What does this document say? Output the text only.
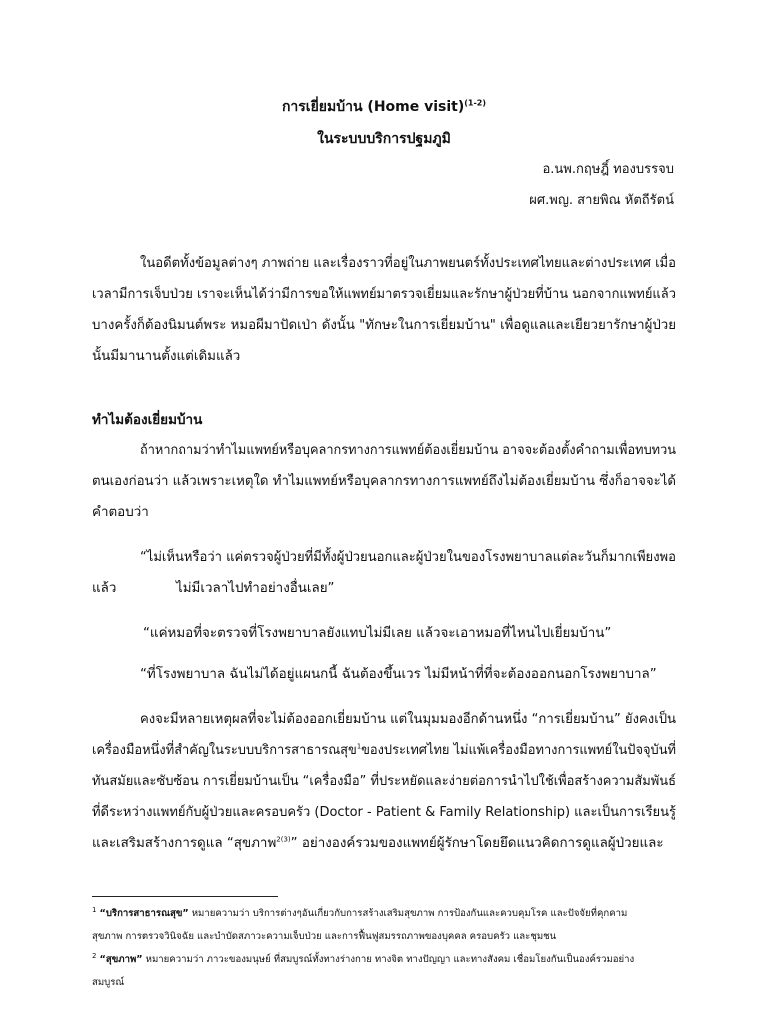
การเยี่ยมบ้าน (Home visit)$^{(1-2)}$
ในระบบบริการปฐมภูมิ
อ.นพ.กฤษฎิ์ ทองบรรจบ
ผศ.พญ. สายพิณ หัตถีรัตน์
ในอดีตทั้งข้อมูลต่างๆ ภาพถ่าย และเรื่องราวที่อยู่ในภาพยนตร์ทั้งประเทศไทยและต่างประเทศ เมื่อ
เวลามีการเจ็บป่วย เราจะเห็นได้ว่ามีการขอให้แพทย์มาตรวจเยี่ยมและรักษาผู้ป่วยที่บ้าน นอกจากแพทย์แล้ว
บางครั้งก็ต้องนิมนต์พระ หมอผีมาปัดเป่า ดังนั้น "ทักษะในการเยี่ยมบ้าน" เพื่อดูแลและเยียวยารักษาผู้ป่วย
นั้นมีมานานตั้งแต่เดิมแล้ว
ทำไมต้องเยี่ยมบ้าน
ถ้าหากถามว่าทำไมแพทย์หรือบุคลากรทางการแพทย์ต้องเยี่ยมบ้าน อาจจะต้องตั้งคำถามเพื่อทบทวน
ตนเองก่อนว่า แล้วเพราะเหตุใด ทำไมแพทย์หรือบุคลากรทางการแพทย์ถึงไม่ต้องเยี่ยมบ้าน ซึ่งก็อาจจะได้
คำตอบว่า
“ไม่เห็นหรือว่า แค่ตรวจผู้ป่วยที่มีทั้งผู้ป่วยนอกและผู้ป่วยในของโรงพยาบาลแต่ละวันก็มากเพียงพอ
แล้ว	ไม่มีเวลาไปทำอย่างอื่นเลย”
“แค่หมอที่จะตรวจที่โรงพยาบาลยังแทบไม่มีเลย แล้วจะเอาหมอที่ไหนไปเยี่ยมบ้าน”
“ที่โรงพยาบาล ฉันไม่ได้อยู่แผนกนี้ ฉันต้องขึ้นเวร ไม่มีหน้าที่ที่จะต้องออกนอกโรงพยาบาล”
คงจะมีหลายเหตุผลที่จะไม่ต้องออกเยี่ยมบ้าน แต่ในมุมมองอีกด้านหนึ่ง “การเยี่ยมบ้าน” ยังคงเป็น
เครื่องมือหนึ่งที่สำคัญในระบบบริการสาธารณสุข$^1$ของประเทศไทย ไม่แพ้เครื่องมือทางการแพทย์ในปัจจุบันที่
ทันสมัยและซับซ้อน การเยี่ยมบ้านเป็น “เครื่องมือ” ที่ประหยัดและง่ายต่อการนำไปใช้เพื่อสร้างความสัมพันธ์
ที่ดีระหว่างแพทย์กับผู้ป่วยและครอบครัว (Doctor - Patient & Family Relationship) และเป็นการเรียนรู้
และเสริมสร้างการดูแล “สุขภาพ$^{2(3)}$” อย่างองค์รวมของแพทย์ผู้รักษาโดยยึดแนวคิดการดูแลผู้ป่วยและ
$^1$ “บริการสาธารณสุข” หมายความว่า บริการต่างๆอันเกี่ยวกับการสร้างเสริมสุขภาพ การป้องกันและควบคุมโรค และปัจจัยที่คุกคาม
สุขภาพ การตรวจวินิจฉัย และบำบัดสภาวะความเจ็บป่วย และการฟื้นฟูสมรรถภาพของบุคคล ครอบครัว และชุมชน
$^2$ “สุขภาพ” หมายความว่า ภาวะของมนุษย์ ที่สมบูรณ์ทั้งทางร่างกาย ทางจิต ทางปัญญา และทางสังคม เชื่อมโยงกันเป็นองค์รวมอย่าง
สมบูรณ์
